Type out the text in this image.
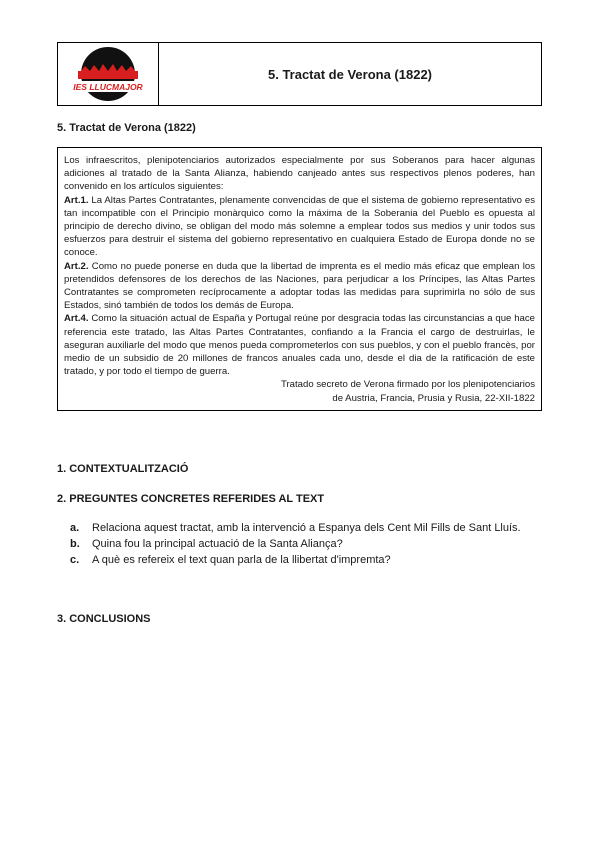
IES LLUCMAJOR
5. Tractat de Verona (1822)
5. Tractat de Verona (1822)

Los infraescritos, plenipotenciarios autorizados especialmente por sus Soberanos para hacer algunas adiciones al tratado de la Santa Alianza, habiendo canjeado antes sus respectivos plenos poderes, han convenido en los artículos siguientes:

Art.1. La Altas Partes Contratantes, plenamente convencidas de que el sistema de gobierno representativo es tan incompatible con el Principio monàrquico como la máxima de la Soberania del Pueblo es opuesta al principio de derecho divino, se obligan del modo más solemne a emplear todos sus medios y unir todos sus esfuerzos para destruir el sistema del gobierno representativo en cualquiera Estado de Europa donde no se conoce.

Art.2. Como no puede ponerse en duda que la libertad de imprenta es el medio más eficaz que emplean los pretendidos defensores de los derechos de las Naciones, para perjudicar a los Príncipes, las Altas Partes Contratantes se comprometen recíprocamente a adoptar todas las medidas para suprimirla no sólo de sus Estados, sinó también de todos los demás de Europa.

Art.4. Como la situación actual de España y Portugal reúne por desgracia todas las circunstancias a que hace referencia este tratado, las Altas Partes Contratantes, confiando a la Francia el cargo de destruirlas, le aseguran auxiliarle del modo que menos pueda comprometerlos con sus pueblos, y con el pueblo francès, por medio de un subsidio de 20 millones de francos anuales cada uno, desde el dia de la ratificación de este tratado, y por todo el tiempo de guerra.

Tratado secreto de Verona firmado por los plenipotenciarios
de Austria, Francia, Prusia y Rusia, 22-XII-1822

1. CONTEXTUALITZACIÓ
2. PREGUNTES CONCRETES REFERIDES AL TEXT
a.	Relaciona aquest tractat, amb la intervenció a Espanya dels Cent Mil Fills de Sant Lluís.
b.	Quina fou la principal actuació de la Santa Aliança?
c.	A què es refereix el text quan parla de la llibertat d'impremta?
3. CONCLUSIONS
